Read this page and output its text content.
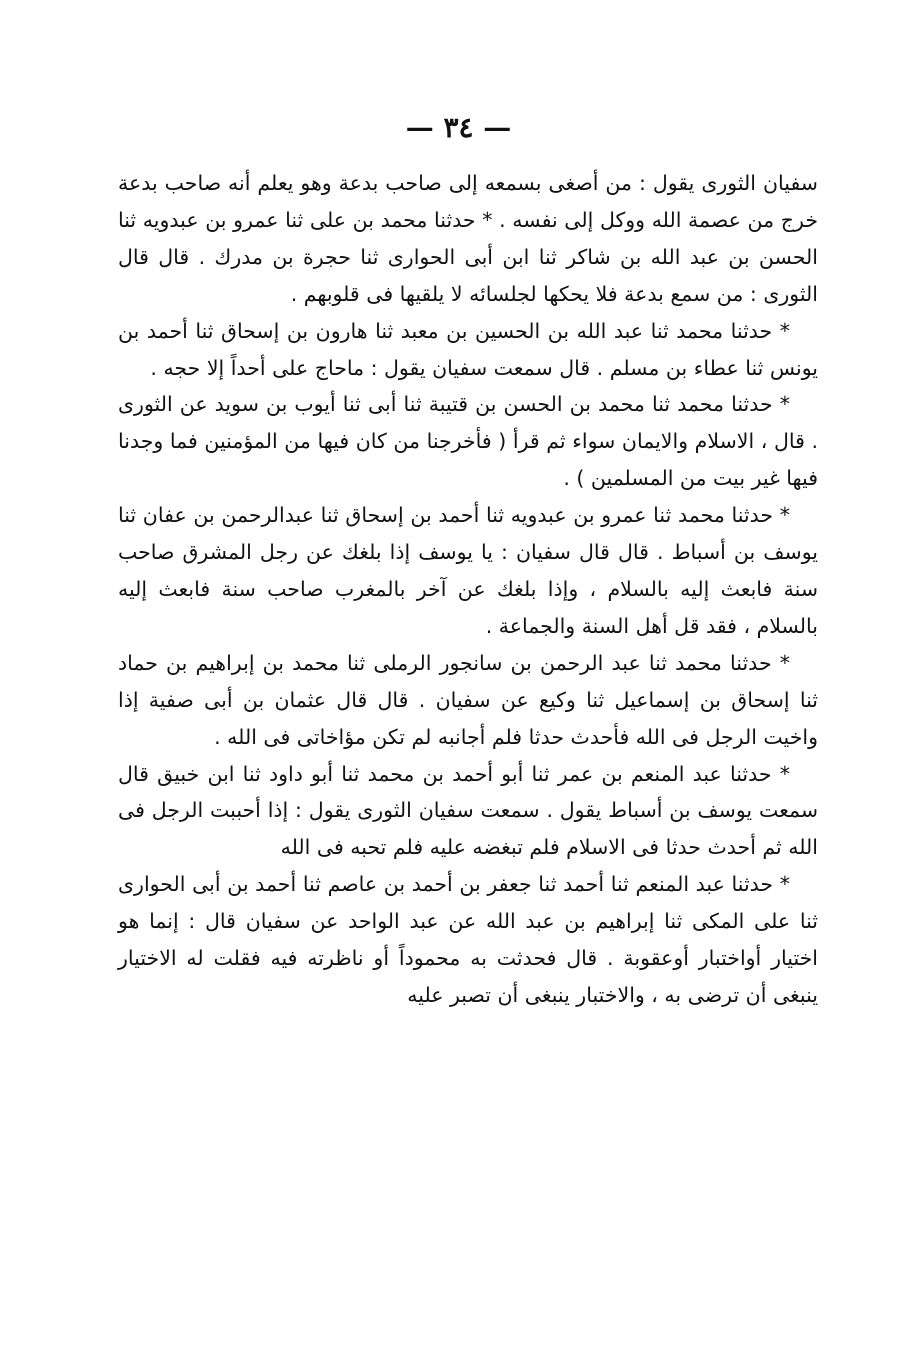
— ٣٤ —

سفيان الثورى يقول : من أصغى بسمعه إلى صاحب بدعة وهو يعلم أنه صاحب بدعة خرج من عصمة الله ووكل إلى نفسه . * حدثنا محمد بن على ثنا عمرو بن عبدويه ثنا الحسن بن عبد الله بن شاكر ثنا ابن أبى الحوارى ثنا حجرة بن مدرك . قال قال الثورى : من سمع بدعة فلا يحكها لجلسائه لا يلقيها فى قلوبهم .

* حدثنا محمد ثنا عبد الله بن الحسين بن معبد ثنا هارون بن إسحاق ثنا أحمد بن يونس ثنا عطاء بن مسلم . قال سمعت سفيان يقول : ماحاج على أحداً إلا حجه .

* حدثنا محمد ثنا محمد بن الحسن بن قتيبة ثنا أبى ثنا أيوب بن سويد عن الثورى . قال ، الاسلام والايمان سواء ثم قرأ ( فأخرجنا من كان فيها من المؤمنين فما وجدنا فيها غير بيت من المسلمين ) .

* حدثنا محمد ثنا عمرو بن عبدويه ثنا أحمد بن إسحاق ثنا عبدالرحمن بن عفان ثنا يوسف بن أسباط . قال قال سفيان : يا يوسف إذا بلغك عن رجل المشرق صاحب سنة فابعث إليه بالسلام ، وإذا بلغك عن آخر بالمغرب صاحب سنة فابعث إليه بالسلام ، فقد قل أهل السنة والجماعة .

* حدثنا محمد ثنا عبد الرحمن بن سانجور الرملى ثنا محمد بن إبراهيم بن حماد ثنا إسحاق بن إسماعيل ثنا وكيع عن سفيان . قال قال عثمان بن أبى صفية إذا واخيت الرجل فى الله فأحدث حدثا فلم أجانبه لم تكن مؤاخاتى فى الله .

* حدثنا عبد المنعم بن عمر ثنا أبو أحمد بن محمد ثنا أبو داود ثنا ابن خبيق قال سمعت يوسف بن أسباط يقول . سمعت سفيان الثورى يقول : إذا أحببت الرجل فى الله ثم أحدث حدثا فى الاسلام فلم تبغضه عليه فلم تحبه فى الله

* حدثنا عبد المنعم ثنا أحمد ثنا جعفر بن أحمد بن عاصم ثنا أحمد بن أبى الحوارى ثنا على المكى ثنا إبراهيم بن عبد الله عن عبد الواحد عن سفيان قال : إنما هو اختيار أواختبار أوعقوبة . قال فحدثت به محموداً أو ناظرته فيه فقلت له الاختيار ينبغى أن ترضى به ، والاختبار ينبغى أن تصبر عليه
